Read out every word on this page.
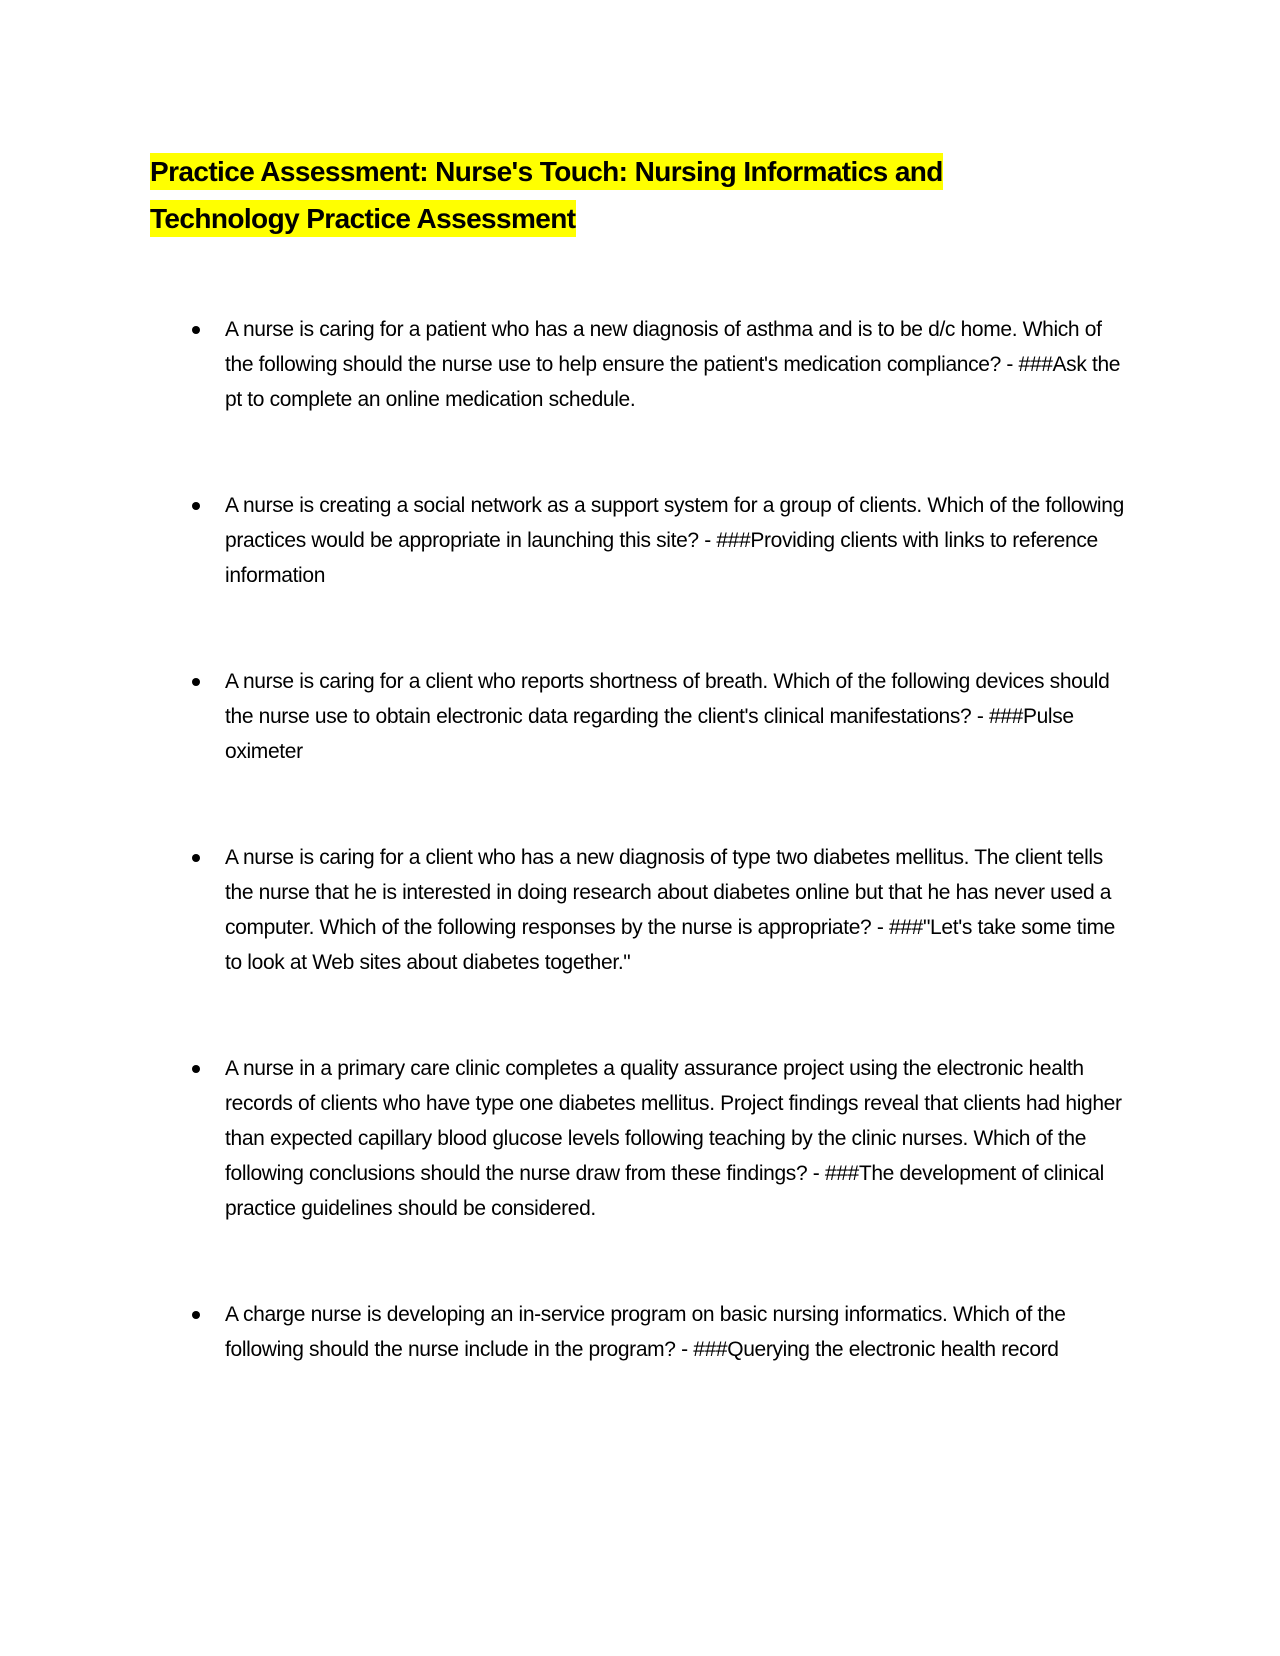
Practice Assessment: Nurse's Touch: Nursing Informatics and Technology Practice Assessment
A nurse is caring for a patient who has a new diagnosis of asthma and is to be d/c home. Which of the following should the nurse use to help ensure the patient's medication compliance? - ###Ask the pt to complete an online medication schedule.
A nurse is creating a social network as a support system for a group of clients. Which of the following practices would be appropriate in launching this site? - ###Providing clients with links to reference information
A nurse is caring for a client who reports shortness of breath. Which of the following devices should the nurse use to obtain electronic data regarding the client's clinical manifestations? - ###Pulse oximeter
A nurse is caring for a client who has a new diagnosis of type two diabetes mellitus. The client tells the nurse that he is interested in doing research about diabetes online but that he has never used a computer. Which of the following responses by the nurse is appropriate? - ###"Let's take some time to look at Web sites about diabetes together."
A nurse in a primary care clinic completes a quality assurance project using the electronic health records of clients who have type one diabetes mellitus. Project findings reveal that clients had higher than expected capillary blood glucose levels following teaching by the clinic nurses. Which of the following conclusions should the nurse draw from these findings? - ###The development of clinical practice guidelines should be considered.
A charge nurse is developing an in-service program on basic nursing informatics. Which of the following should the nurse include in the program? - ###Querying the electronic health record
